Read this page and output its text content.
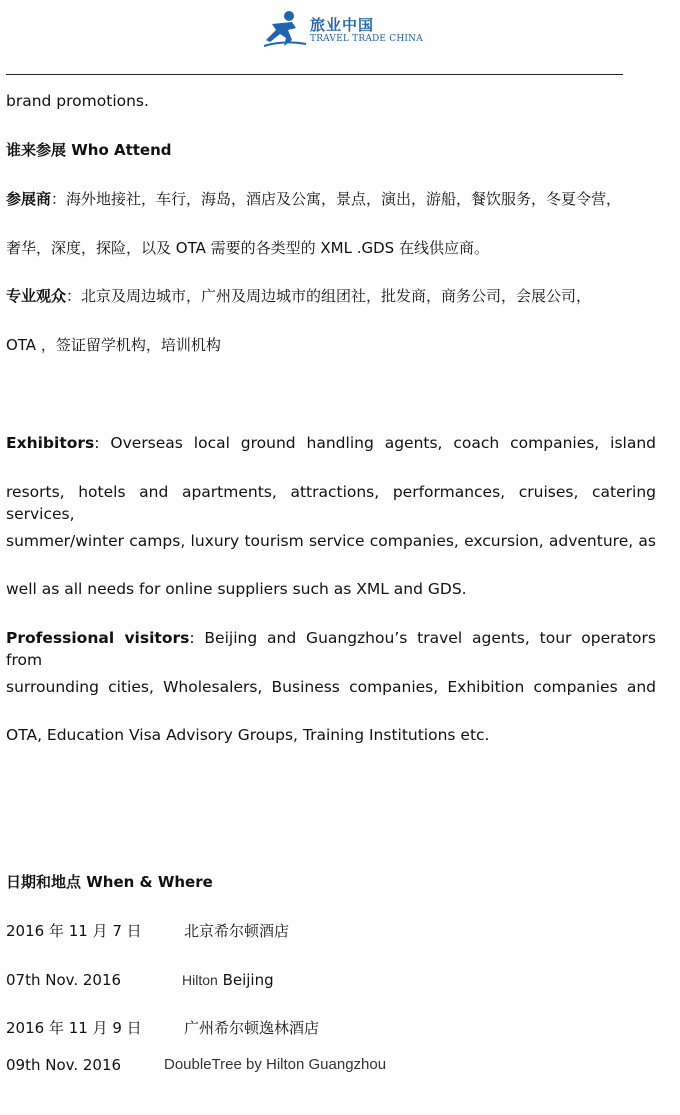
旅业中国
TRAVEL TRADE CHINA
brand promotions.
谁来参展 Who Attend
参展商：海外地接社，车行，海岛，酒店及公寓，景点，演出，游船，餐饮服务，冬夏令营，
奢华，深度，探险，以及 OTA 需要的各类型的 XML .GDS 在线供应商。
专业观众：北京及周边城市，广州及周边城市的组团社，批发商，商务公司，会展公司，
OTA ，签证留学机构，培训机构
Exhibitors: Overseas local ground handling agents, coach companies, island
resorts, hotels and apartments, attractions, performances, cruises, catering services,
summer/winter camps, luxury tourism service companies, excursion, adventure, as
well as all needs for online suppliers such as XML and GDS.
Professional visitors: Beijing and Guangzhou’s travel agents, tour operators from
surrounding cities, Wholesalers, Business companies, Exhibition companies and
OTA, Education Visa Advisory Groups, Training Institutions etc.
日期和地点 When & Where
2016 年 11 月 7 日	北京希尔顿酒店
07th Nov. 2016	Hilton Beijing
2016 年 11 月 9 日	广州希尔顿逸林酒店
09th Nov. 2016	DoubleTree by Hilton Guangzhou
